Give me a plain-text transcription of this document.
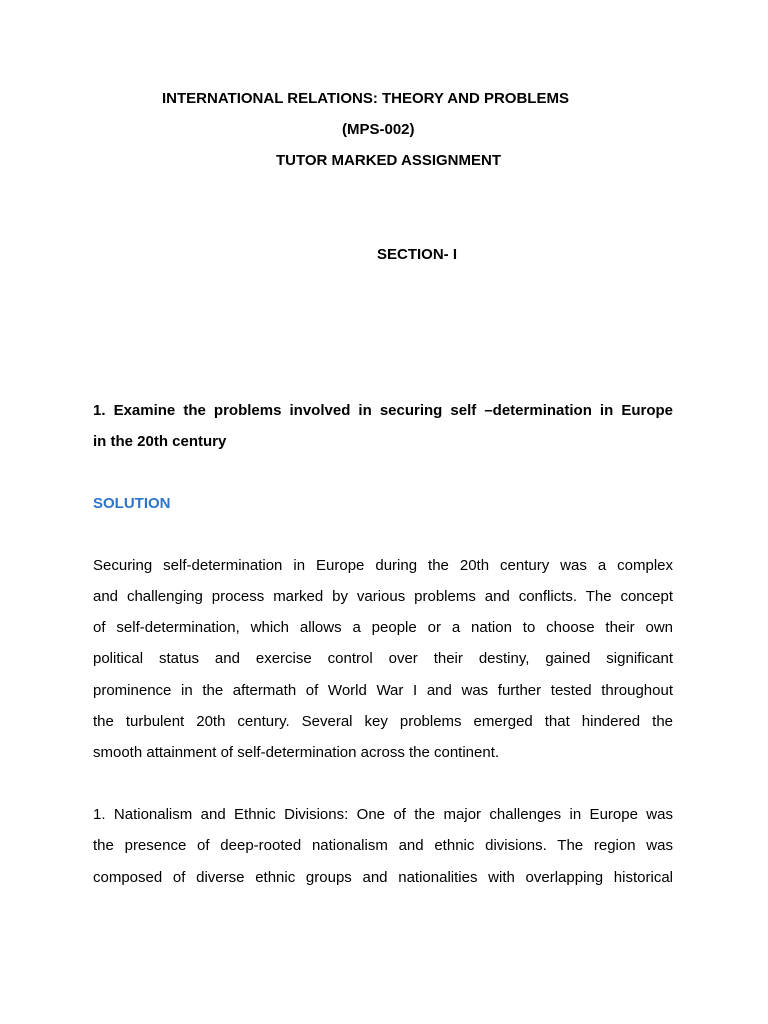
INTERNATIONAL RELATIONS: THEORY AND PROBLEMS
(MPS-002)
TUTOR MARKED ASSIGNMENT
SECTION- I
1. Examine the problems involved in securing self –determination in Europe
in the 20th century
SOLUTION
Securing self-determination in Europe during the 20th century was a complex
and challenging process marked by various problems and conflicts. The concept
of self-determination, which allows a people or a nation to choose their own
political status and exercise control over their destiny, gained significant
prominence in the aftermath of World War I and was further tested throughout
the turbulent 20th century. Several key problems emerged that hindered the
smooth attainment of self-determination across the continent.
1. Nationalism and Ethnic Divisions: One of the major challenges in Europe was
the presence of deep-rooted nationalism and ethnic divisions. The region was
composed of diverse ethnic groups and nationalities with overlapping historical
